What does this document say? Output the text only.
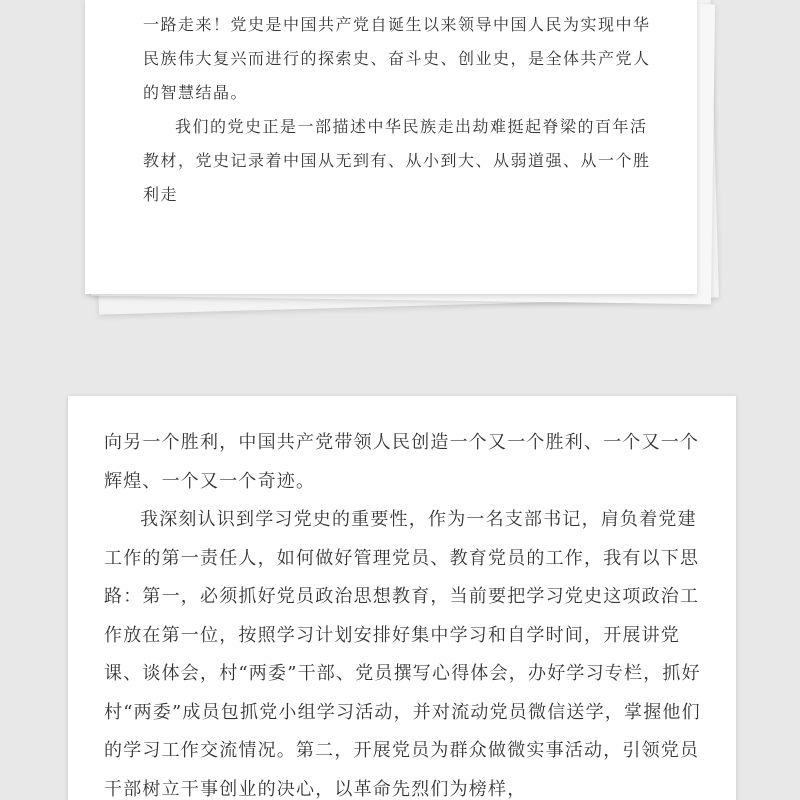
一路走来！党史是中国共产党自诞生以来领导中国人民为实现中华民族伟大复兴而进行的探索史、奋斗史、创业史，是全体共产党人的智慧结晶。

我们的党史正是一部描述中华民族走出劫难挺起脊梁的百年活教材，党史记录着中国从无到有、从小到大、从弱道强、从一个胜利走

向另一个胜利，中国共产党带领人民创造一个又一个胜利、一个又一个辉煌、一个又一个奇迹。

我深刻认识到学习党史的重要性，作为一名支部书记，肩负着党建工作的第一责任人，如何做好管理党员、教育党员的工作，我有以下思路：第一，必须抓好党员政治思想教育，当前要把学习党史这项政治工作放在第一位，按照学习计划安排好集中学习和自学时间，开展讲党课、谈体会，村“两委”干部、党员撰写心得体会，办好学习专栏，抓好村“两委”成员包抓党小组学习活动，并对流动党员微信送学，掌握他们的学习工作交流情况。第二，开展党员为群众做微实事活动，引领党员干部树立干事创业的决心，以革命先烈们为榜样，
